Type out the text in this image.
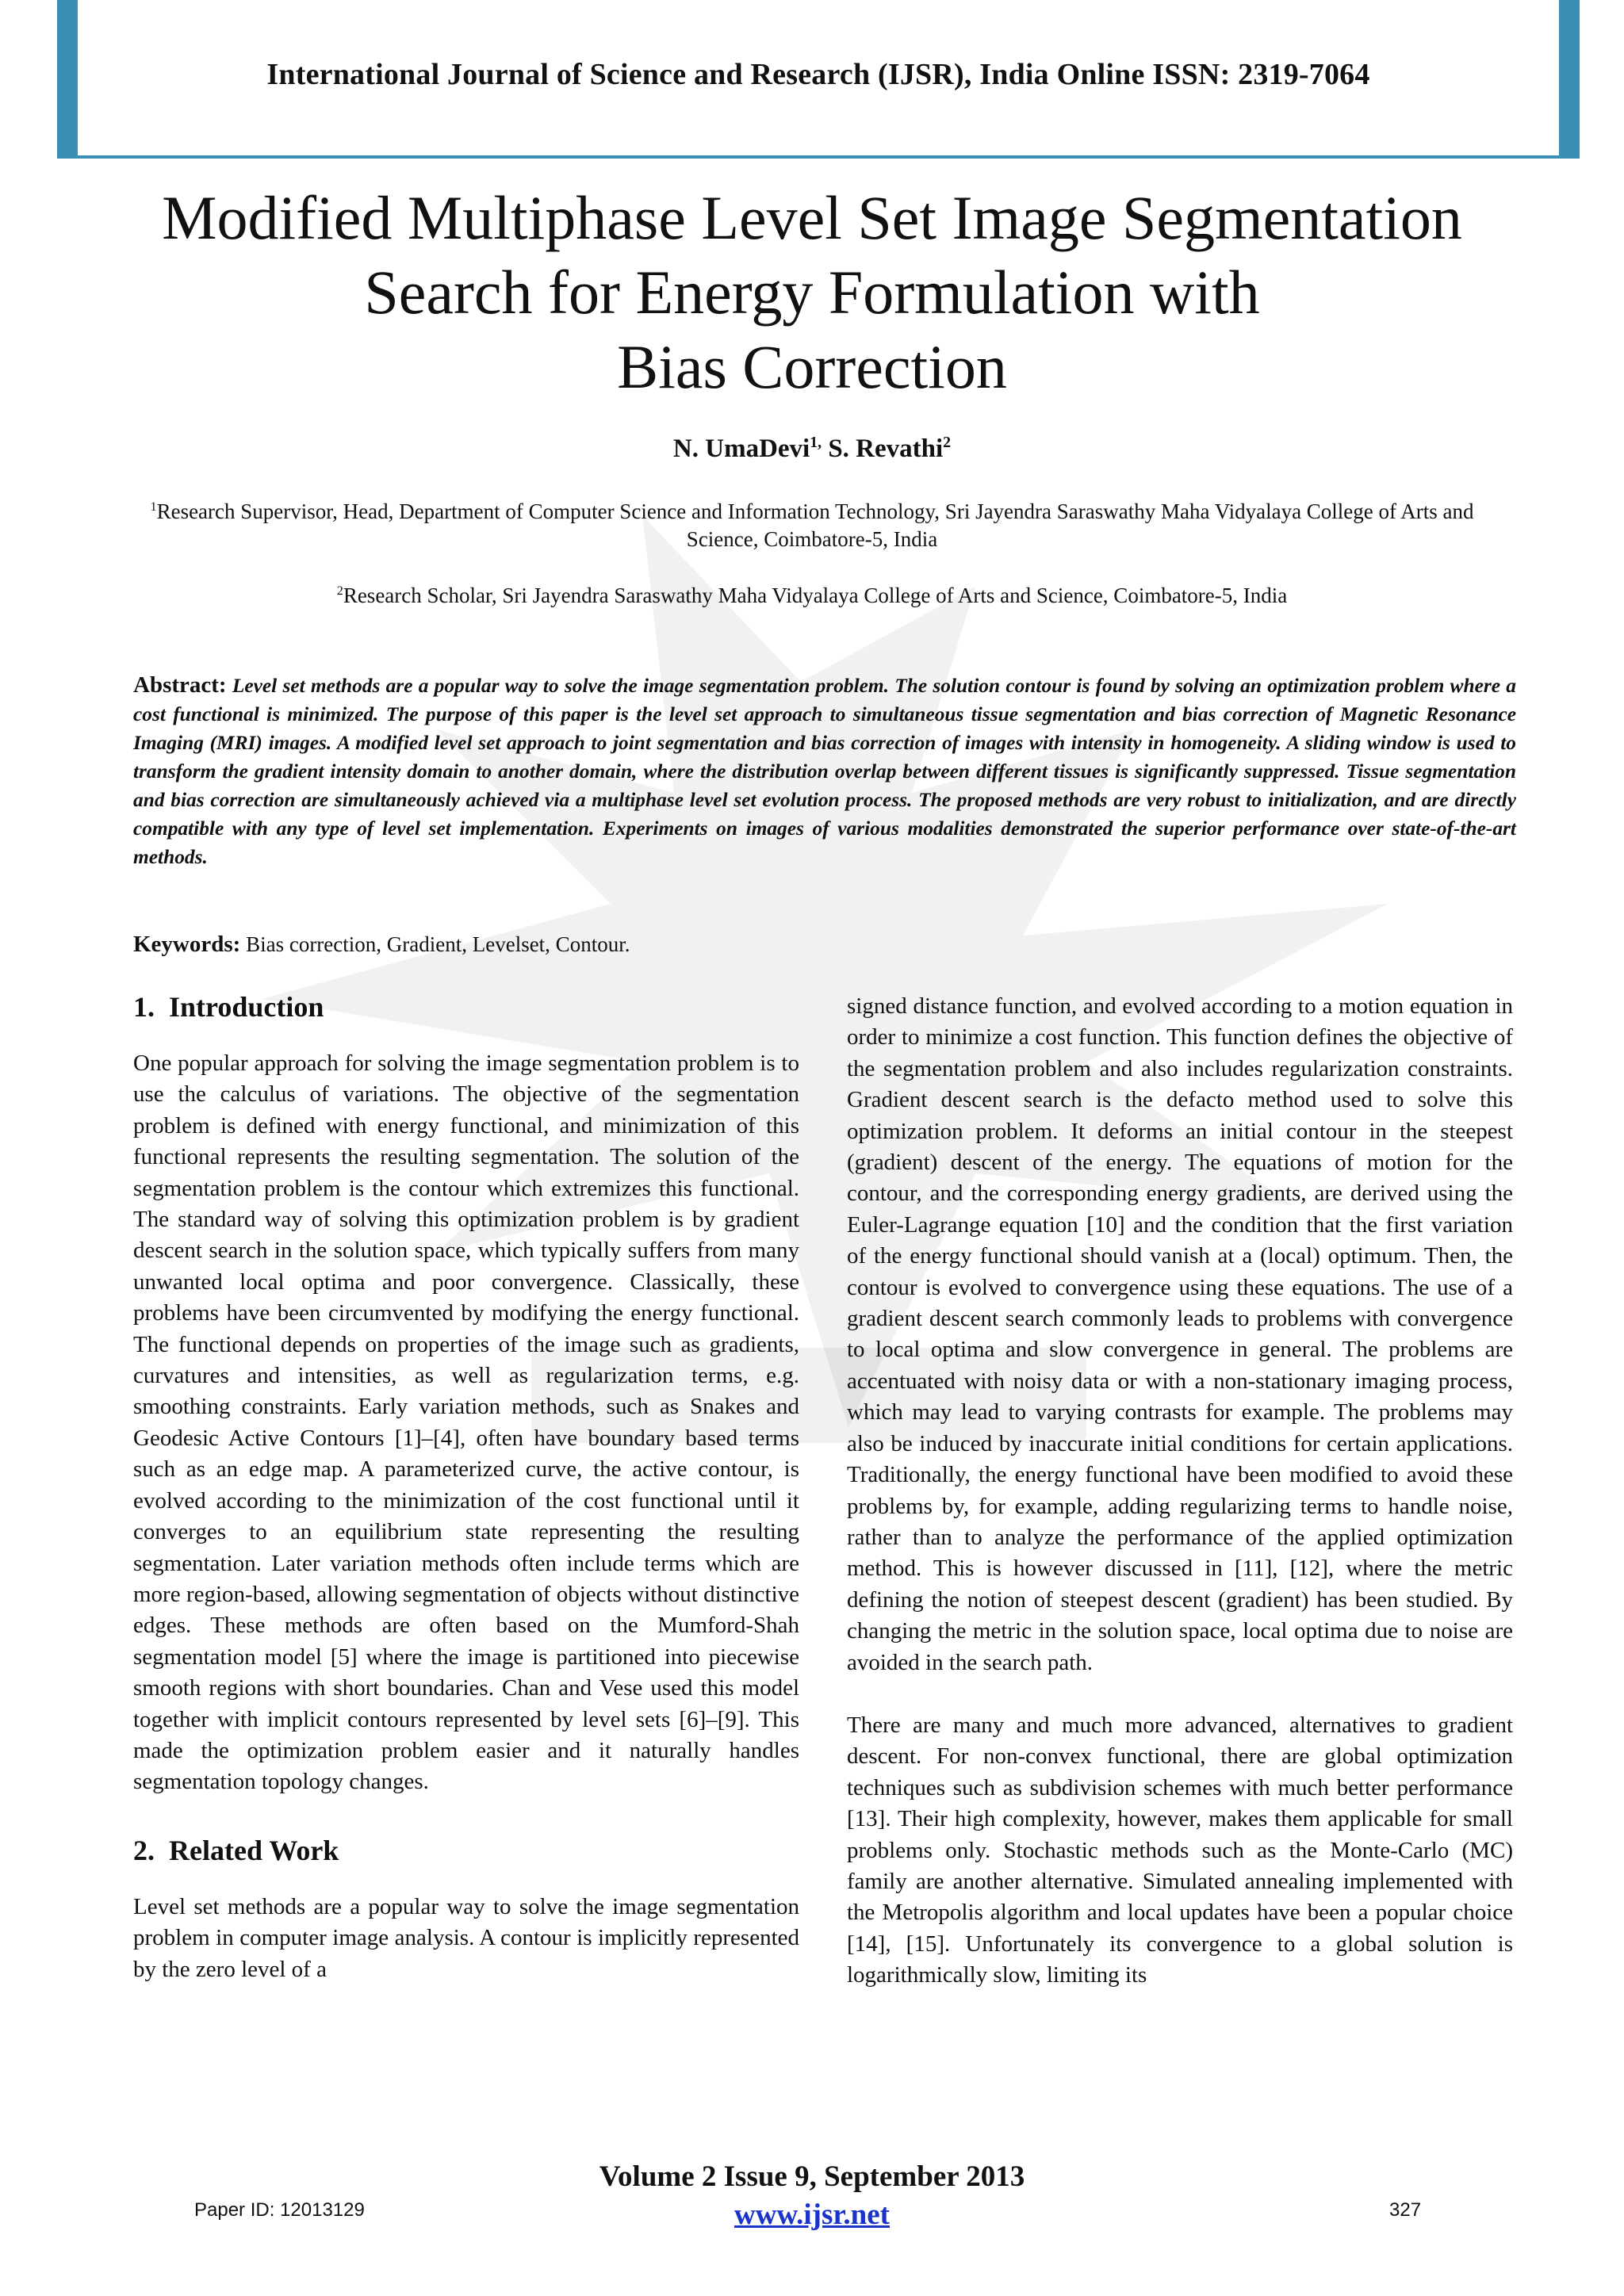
International Journal of Science and Research (IJSR), India Online ISSN: 2319-7064
Modified Multiphase Level Set Image Segmentation
Search for Energy Formulation with
Bias Correction
N. UmaDevi$^{1,}$ S. Revathi$^2$
$^1$Research Supervisor, Head, Department of Computer Science and Information Technology, Sri Jayendra Saraswathy Maha Vidyalaya College of Arts and Science, Coimbatore-5, India
$^2$Research Scholar, Sri Jayendra Saraswathy Maha Vidyalaya College of Arts and Science, Coimbatore-5, India
Abstract: Level set methods are a popular way to solve the image segmentation problem. The solution contour is found by solving an optimization problem where a cost functional is minimized. The purpose of this paper is the level set approach to simultaneous tissue segmentation and bias correction of Magnetic Resonance Imaging (MRI) images. A modified level set approach to joint segmentation and bias correction of images with intensity in homogeneity. A sliding window is used to transform the gradient intensity domain to another domain, where the distribution overlap between different tissues is significantly suppressed. Tissue segmentation and bias correction are simultaneously achieved via a multiphase level set evolution process. The proposed methods are very robust to initialization, and are directly compatible with any type of level set implementation. Experiments on images of various modalities demonstrated the superior performance over state-of-the-art methods.
Keywords: Bias correction, Gradient, Levelset, Contour.
1.  Introduction

One popular approach for solving the image segmentation problem is to use the calculus of variations. The objective of the segmentation problem is defined with energy functional, and minimization of this functional represents the resulting segmentation. The solution of the segmentation problem is the contour which extremizes this functional. The standard way of solving this optimization problem is by gradient descent search in the solution space, which typically suffers from many unwanted local optima and poor convergence. Classically, these problems have been circumvented by modifying the energy functional. The functional depends on properties of the image such as gradients, curvatures and intensities, as well as regularization terms, e.g. smoothing constraints. Early variation methods, such as Snakes and Geodesic Active Contours [1]–[4], often have boundary based terms such as an edge map. A parameterized curve, the active contour, is evolved according to the minimization of the cost functional until it converges to an equilibrium state representing the resulting segmentation. Later variation methods often include terms which are more region-based, allowing segmentation of objects without distinctive edges. These methods are often based on the Mumford-Shah segmentation model [5] where the image is partitioned into piecewise smooth regions with short boundaries. Chan and Vese used this model together with implicit contours represented by level sets [6]–[9]. This made the optimization problem easier and it naturally handles segmentation topology changes.

2.  Related Work

Level set methods are a popular way to solve the image segmentation problem in computer image analysis. A contour is implicitly represented by the zero level of a

signed distance function, and evolved according to a motion equation in order to minimize a cost function. This function defines the objective of the segmentation problem and also includes regularization constraints. Gradient descent search is the defacto method used to solve this optimization problem. It deforms an initial contour in the steepest (gradient) descent of the energy. The equations of motion for the contour, and the corresponding energy gradients, are derived using the Euler-Lagrange equation [10] and the condition that the first variation of the energy functional should vanish at a (local) optimum. Then, the contour is evolved to convergence using these equations. The use of a gradient descent search commonly leads to problems with convergence to local optima and slow convergence in general. The problems are accentuated with noisy data or with a non-stationary imaging process, which may lead to varying contrasts for example. The problems may also be induced by inaccurate initial conditions for certain applications. Traditionally, the energy functional have been modified to avoid these problems by, for example, adding regularizing terms to handle noise, rather than to analyze the performance of the applied optimization method. This is however discussed in [11], [12], where the metric defining the notion of steepest descent (gradient) has been studied. By changing the metric in the solution space, local optima due to noise are avoided in the search path.

There are many and much more advanced, alternatives to gradient descent. For non-convex functional, there are global optimization techniques such as subdivision schemes with much better performance [13]. Their high complexity, however, makes them applicable for small problems only. Stochastic methods such as the Monte-Carlo (MC) family are another alternative. Simulated annealing implemented with the Metropolis algorithm and local updates have been a popular choice [14], [15]. Unfortunately its convergence to a global solution is logarithmically slow, limiting its

Volume 2 Issue 9, September 2013
www.ijsr.net
Paper ID: 12013129	327
